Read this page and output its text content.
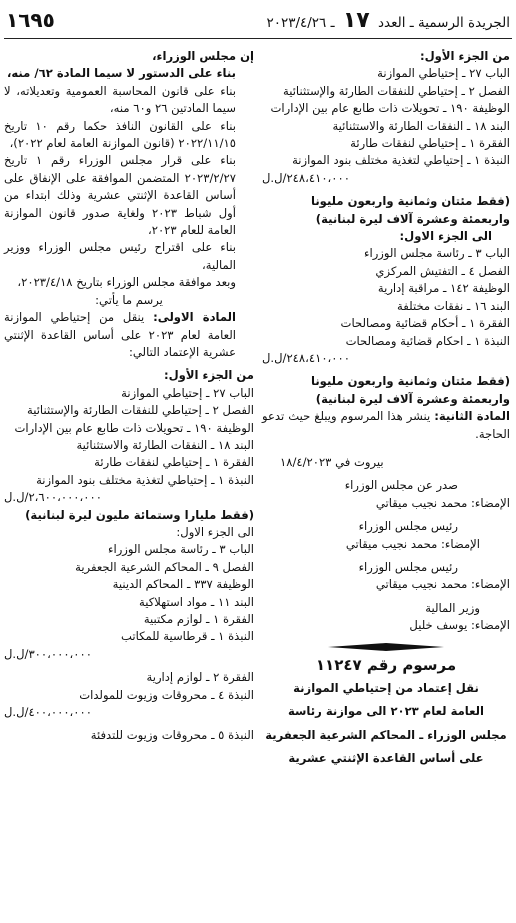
الجريدة الرسمية ـ العدد ١٧ ـ ٢٠٢٣/٤/٢٦
١٦٩٥

من الجزء الأول:

الباب ٢٧ ـ إحتياطي الموازنة

الفصل ٢ ـ إحتياطي للنفقات الطارئة والإستثنائية

الوظيفة ١٩٠ ـ تحويلات ذات طابع عام بين الإدارات

البند ١٨ ـ النفقات الطارئة والاستثنائية

الفقرة ١ ـ إحتياطي لنفقات طارئة

النبذة ١ ـ إحتياطي لتغذية مختلف بنود الموازنة

٢٤٨،٤١٠،٠٠٠/ل.ل

(فقط مئتان وثمانية واربعون مليونا واربعمئة وعشرة آلاف ليرة لبنانية)

الى الجزء الاول:

الباب ٣ ـ رئاسة مجلس الوزراء

الفصل ٤ ـ التفتيش المركزي

الوظيفة ١٤٢ ـ مراقبة إدارية

البند ١٦ ـ نفقات مختلفة

الفقرة ١ ـ أحكام قضائية ومصالحات

النبذة ١ ـ احكام قضائية ومصالحات

٢٤٨،٤١٠،٠٠٠/ل.ل

(فقط مئتان وثمانية واربعون مليونا واربعمئة وعشرة آلاف ليرة لبنانية)

المادة الثانية: ينشر هذا المرسوم ويبلغ حيث تدعو الحاجة.

بيروت في ١٨/٤/٢٠٢٣

صدر عن مجلس الوزراء

الإمضاء: محمد نجيب ميقاتي

رئيس مجلس الوزراء

الإمضاء: محمد نجيب ميقاتي

رئيس مجلس الوزراء

الإمضاء: محمد نجيب ميقاتي

وزير المالية

الإمضاء: يوسف خليل

مرسوم رقم ١١٢٤٧

نقل إعتماد من إحتياطي الموازنة

العامة لعام ٢٠٢٣ الى موازنة رئاسة

مجلس الوزراء ـ المحاكم الشرعية الجعفرية

على أساس القاعدة الإثنتي عشرية

إن مجلس الوزراء،

بناء على الدستور لا سيما المادة ٦٢/ منه،

بناء على قانون المحاسبة العمومية وتعديلاته، لا سيما المادتين ٢٦ و٦٠ منه،

بناء على القانون النافذ حكما رقم ١٠ تاريخ ٢٠٢٢/١١/١٥ (قانون الموازنة العامة لعام ٢٠٢٢)،

بناء على قرار مجلس الوزراء رقم ١ تاريخ ٢٠٢٣/٢/٢٧ المتضمن الموافقة على الإنفاق على أساس القاعدة الإثنتي عشرية وذلك ابتداء من أول شباط ٢٠٢٣ ولغاية صدور قانون الموازنة العامة للعام ٢٠٢٣،

بناء على اقتراح رئيس مجلس الوزراء ووزير المالية،

وبعد موافقة مجلس الوزراء بتاريخ ٢٠٢٣/٤/١٨،

يرسم ما يأتي:

المادة الاولى: ينقل من إحتياطي الموازنة العامة لعام ٢٠٢٣ على أساس القاعدة الإثنتي عشرية الإعتماد التالي:

من الجزء الأول:

الباب ٢٧ ـ إحتياطي الموازنة

الفصل ٢ ـ إحتياطي للنفقات الطارئة والإستثنائية

الوظيفة ١٩٠ ـ تحويلات ذات طابع عام بين الإدارات

البند ١٨ ـ النفقات الطارئة والاستثنائية

الفقرة ١ ـ إحتياطي لنفقات طارئة

النبذة ١ ـ إحتياطي لتغذية مختلف بنود الموازنة

٢،٦٠٠،٠٠٠،٠٠٠/ل.ل

(فقط مليارا وستمائة مليون ليرة لبنانية)

الى الجزء الاول:

الباب ٣ ـ رئاسة مجلس الوزراء

الفصل ٩ ـ المحاكم الشرعية الجعفرية

الوظيفة ٣٣٧ ـ المحاكم الدينية

البند ١١ ـ مواد استهلاكية

الفقرة ١ ـ لوازم مكتبية

النبذة ١ ـ قرطاسية للمكاتب

٣٠٠،٠٠٠،٠٠٠/ل.ل

الفقرة ٢ ـ لوازم إدارية

النبذة ٤ ـ محروقات وزيوت للمولدات

٤٠٠،٠٠٠،٠٠٠/ل.ل

النبذة ٥ ـ محروقات وزيوت للتدفئة
